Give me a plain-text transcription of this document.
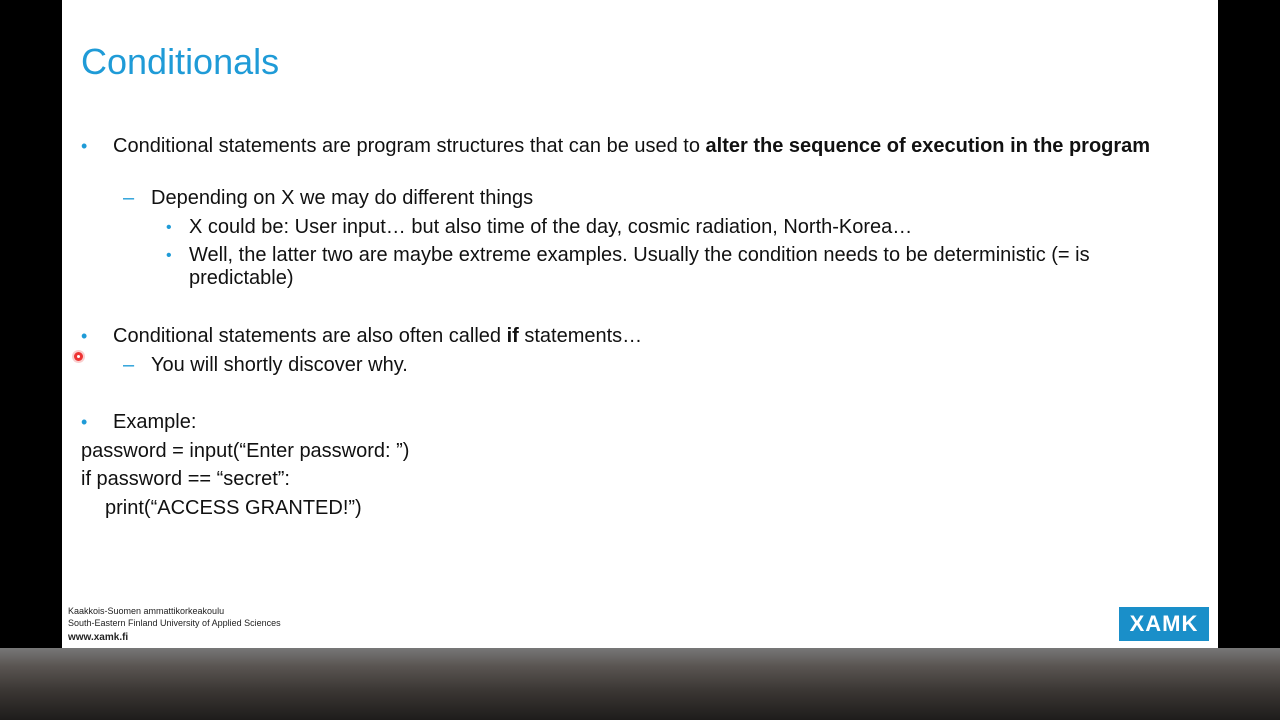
Conditionals
• Conditional statements are program structures that can be used to alter the sequence of execution in the program
– Depending on X we may do different things
• X could be: User input… but also time of the day, cosmic radiation, North-Korea…
• Well, the latter two are maybe extreme examples. Usually the condition needs to be deterministic (= is predictable)
• Conditional statements are also often called if statements…
– You will shortly discover why.
• Example:
password = input(“Enter password: ”)
if password == “secret”:
print(“ACCESS GRANTED!”)
Kaakkois-Suomen ammattikorkeakoulu
South-Eastern Finland University of Applied Sciences
www.xamk.fi
XAMK
